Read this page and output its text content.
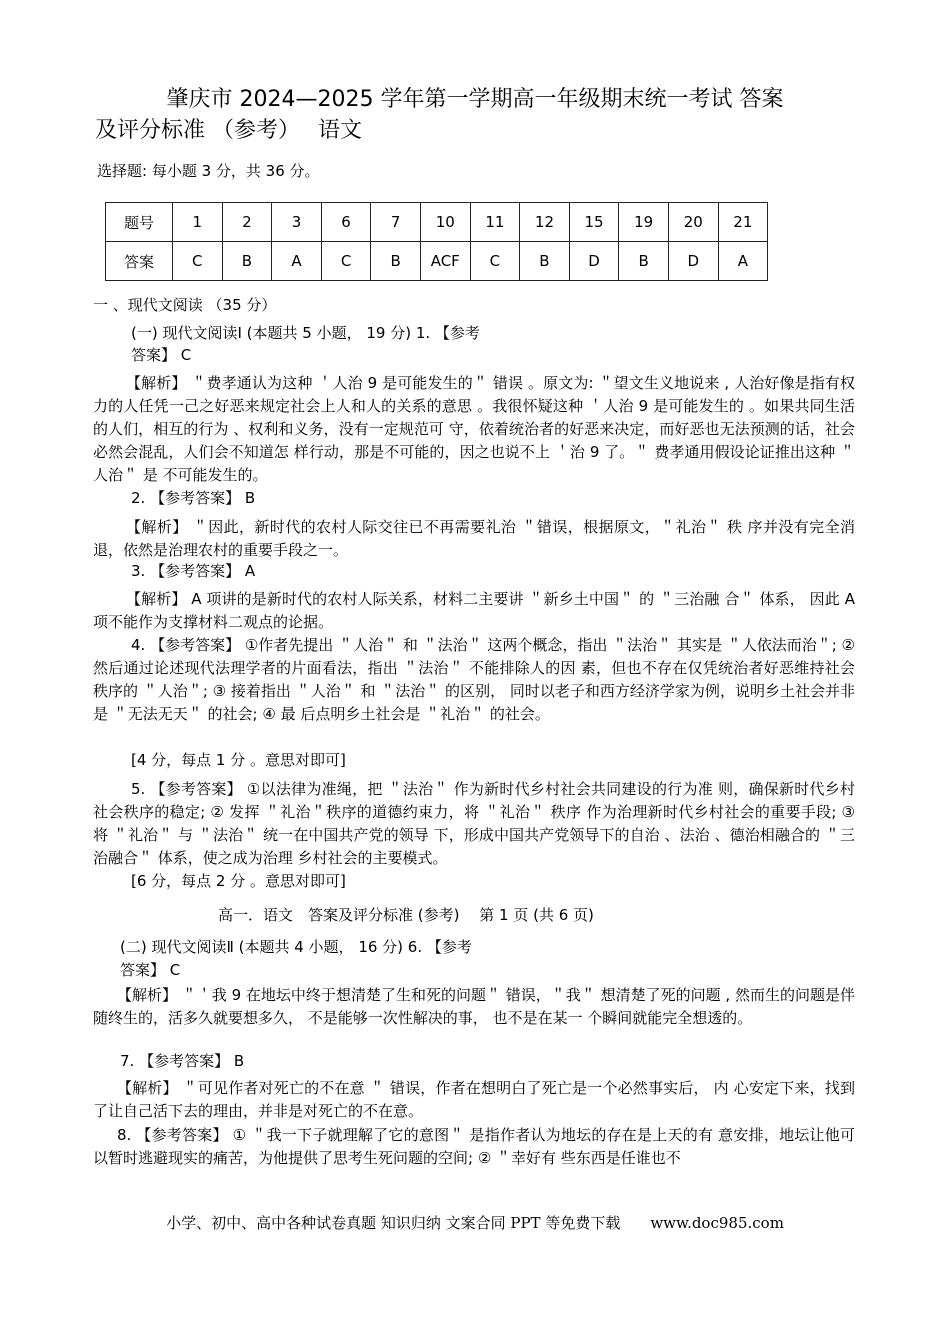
肇庆市 2024—2025 学年第一学期高一年级期末统一考试 答案
及评分标准 （参考）　 语文
选择题: 每小题 3 分，共 36 分。
题号	1	2	3	6	7	10	11	12	15	19	20	21
答案	C	B	A	C	B	ACF	C	B	D	B	D	A
一 、现代文阅读 （35 分）
(一) 现代文阅读Ⅰ (本题共 5 小题， 19 分) 1. 【参考
答案】 C
【解析】 ＂费孝通认为这种 ＇人治 9 是可能发生的＂ 错误 。原文为: ＂望文生义地说来 , 人治好像是指有权力的人任凭一己之好恶来规定社会上人和人的关系的意思 。我很怀疑这种 ＇人治 9 是可能发生的 。如果共同生活的人们，相互的行为 、权利和义务，没有一定规范可 守，依着统治者的好恶来决定，而好恶也无法预测的话，社会必然会混乱，人们会不知道怎 样行动，那是不可能的，因之也说不上 ＇治 9 了。＂ 费孝通用假设论证推出这种 ＂人治＂ 是 不可能发生的。
2. 【参考答案】 B
【解析】 ＂因此，新时代的农村人际交往已不再需要礼治 ＂错误，根据原文，＂礼治＂ 秩 序并没有完全消退，依然是治理农村的重要手段之一。
3. 【参考答案】 A
【解析】 A 项讲的是新时代的农村人际关系，材料二主要讲 ＂新乡土中国＂ 的 ＂三治融 合＂ 体系， 因此 A 项不能作为支撑材料二观点的论据。
4. 【参考答案】 ①作者先提出 ＂人治＂ 和 ＂法治＂ 这两个概念，指出 ＂法治＂ 其实是 ＂人依法而治＂; ② 然后通过论述现代法理学者的片面看法，指出 ＂法治＂ 不能排除人的因 素，但也不存在仅凭统治者好恶维持社会秩序的 ＂人治＂; ③ 接着指出 ＂人治＂ 和 ＂法治＂ 的区别， 同时以老子和西方经济学家为例，说明乡土社会并非是 ＂无法无天＂ 的社会; ④ 最 后点明乡土社会是 ＂礼治＂ 的社会。
[4 分，每点 1 分 。意思对即可]
5. 【参考答案】 ①以法律为准绳，把 ＂法治＂ 作为新时代乡村社会共同建设的行为准 则，确保新时代乡村社会秩序的稳定; ② 发挥 ＂礼治＂秩序的道德约束力，将 ＂礼治＂ 秩序 作为治理新时代乡村社会的重要手段; ③ 将 ＂礼治＂ 与 ＂法治＂ 统一在中国共产党的领导 下，形成中国共产党领导下的自治 、法治 、德治相融合的 ＂三治融合＂ 体系，使之成为治理 乡村社会的主要模式。
[6 分，每点 2 分 。意思对即可]
高一．语文　答案及评分标准 (参考)　 第 1 页 (共 6 页)
(二) 现代文阅读Ⅱ (本题共 4 小题， 16 分) 6. 【参考
答案】 C
【解析】 ＂＇我 9 在地坛中终于想清楚了生和死的问题＂ 错误，＂我＂ 想清楚了死的问题 , 然而生的问题是伴随终生的，活多久就要想多久， 不是能够一次性解决的事， 也不是在某一 个瞬间就能完全想透的。
7. 【参考答案】 B
【解析】 ＂可见作者对死亡的不在意 ＂ 错误，作者在想明白了死亡是一个必然事实后， 内 心安定下来，找到了让自己活下去的理由，并非是对死亡的不在意。
8. 【参考答案】 ① ＂我一下子就理解了它的意图＂ 是指作者认为地坛的存在是上天的有 意安排，地坛让他可以暂时逃避现实的痛苦，为他提供了思考生死问题的空间; ② ＂幸好有 些东西是任谁也不
小学、初中、高中各种试卷真题 知识归纳 文案合同 PPT 等免费下载　　www.doc985.com
